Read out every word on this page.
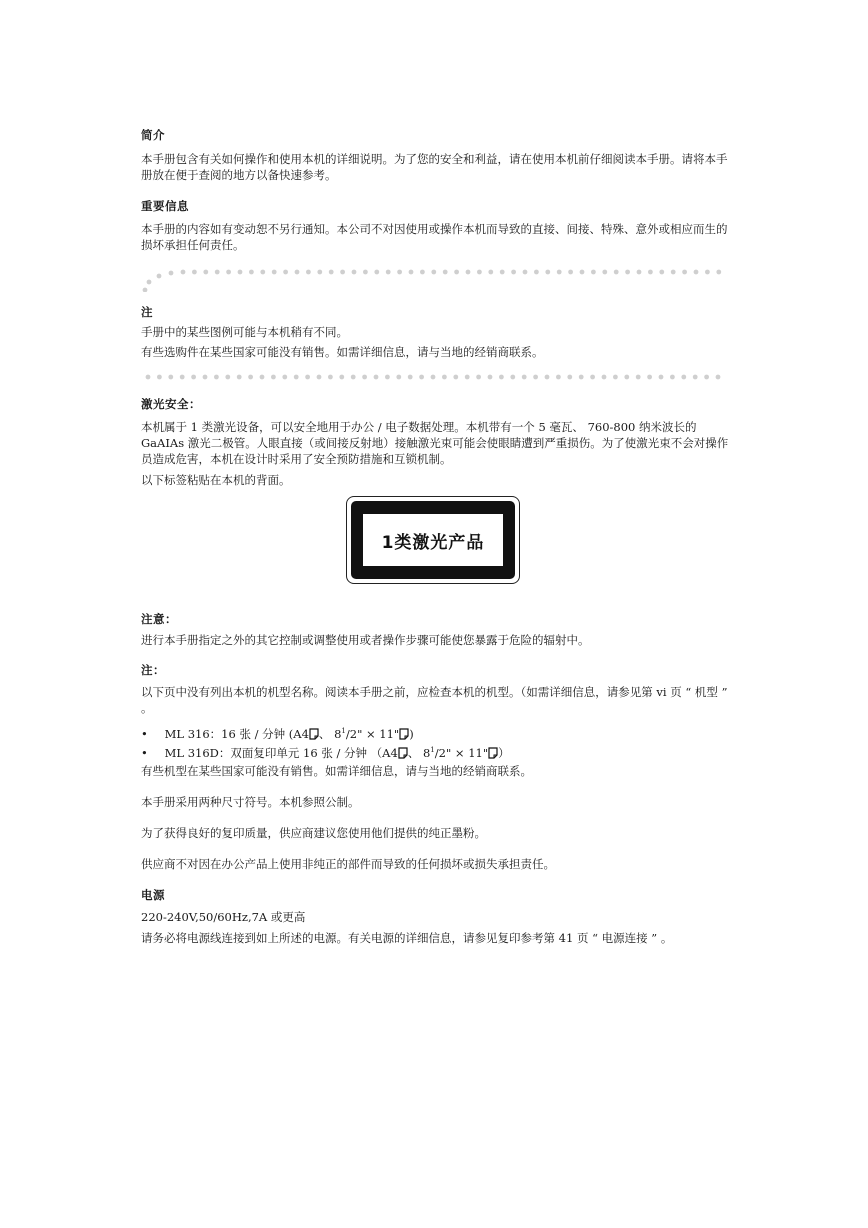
简介
本手册包含有关如何操作和使用本机的详细说明。为了您的安全和利益，请在使用本机前仔细阅读本手册。请将本手册放在便于查阅的地方以备快速参考。
重要信息
本手册的内容如有变动恕不另行通知。本公司不对因使用或操作本机而导致的直接、间接、特殊、意外或相应而生的损坏承担任何责任。
注
手册中的某些图例可能与本机稍有不同。
有些选购件在某些国家可能没有销售。如需详细信息，请与当地的经销商联系。
激光安全：
本机属于 1 类激光设备，可以安全地用于办公 / 电子数据处理。本机带有一个 5 毫瓦、 760-800 纳米波长的 GaAIAs 激光二极管。人眼直接（或间接反射地）接触激光束可能会使眼睛遭到严重损伤。为了使激光束不会对操作员造成危害，本机在设计时采用了安全预防措施和互锁机制。
以下标签粘贴在本机的背面。
1类激光产品
注意：
进行本手册指定之外的其它控制或调整使用或者操作步骤可能使您暴露于危险的辐射中。
注：
以下页中没有列出本机的机型名称。阅读本手册之前，应检查本机的机型。（如需详细信息，请参见第 vi 页 “ 机型 ” 。
• ML 316：16 张 / 分钟 (A4 、 $8^1/2$" × 11" )
• ML 316D：双面复印单元 16 张 / 分钟 （A4 、 $8^1/2$" × 11" ）
有些机型在某些国家可能没有销售。如需详细信息，请与当地的经销商联系。
本手册采用两种尺寸符号。本机参照公制。
为了获得良好的复印质量，供应商建议您使用他们提供的纯正墨粉。
供应商不对因在办公产品上使用非纯正的部件而导致的任何损坏或损失承担责任。
电源
220-240V,50/60Hz,7A 或更高
请务必将电源线连接到如上所述的电源。有关电源的详细信息，请参见复印参考第 41 页 “ 电源连接 ” 。
